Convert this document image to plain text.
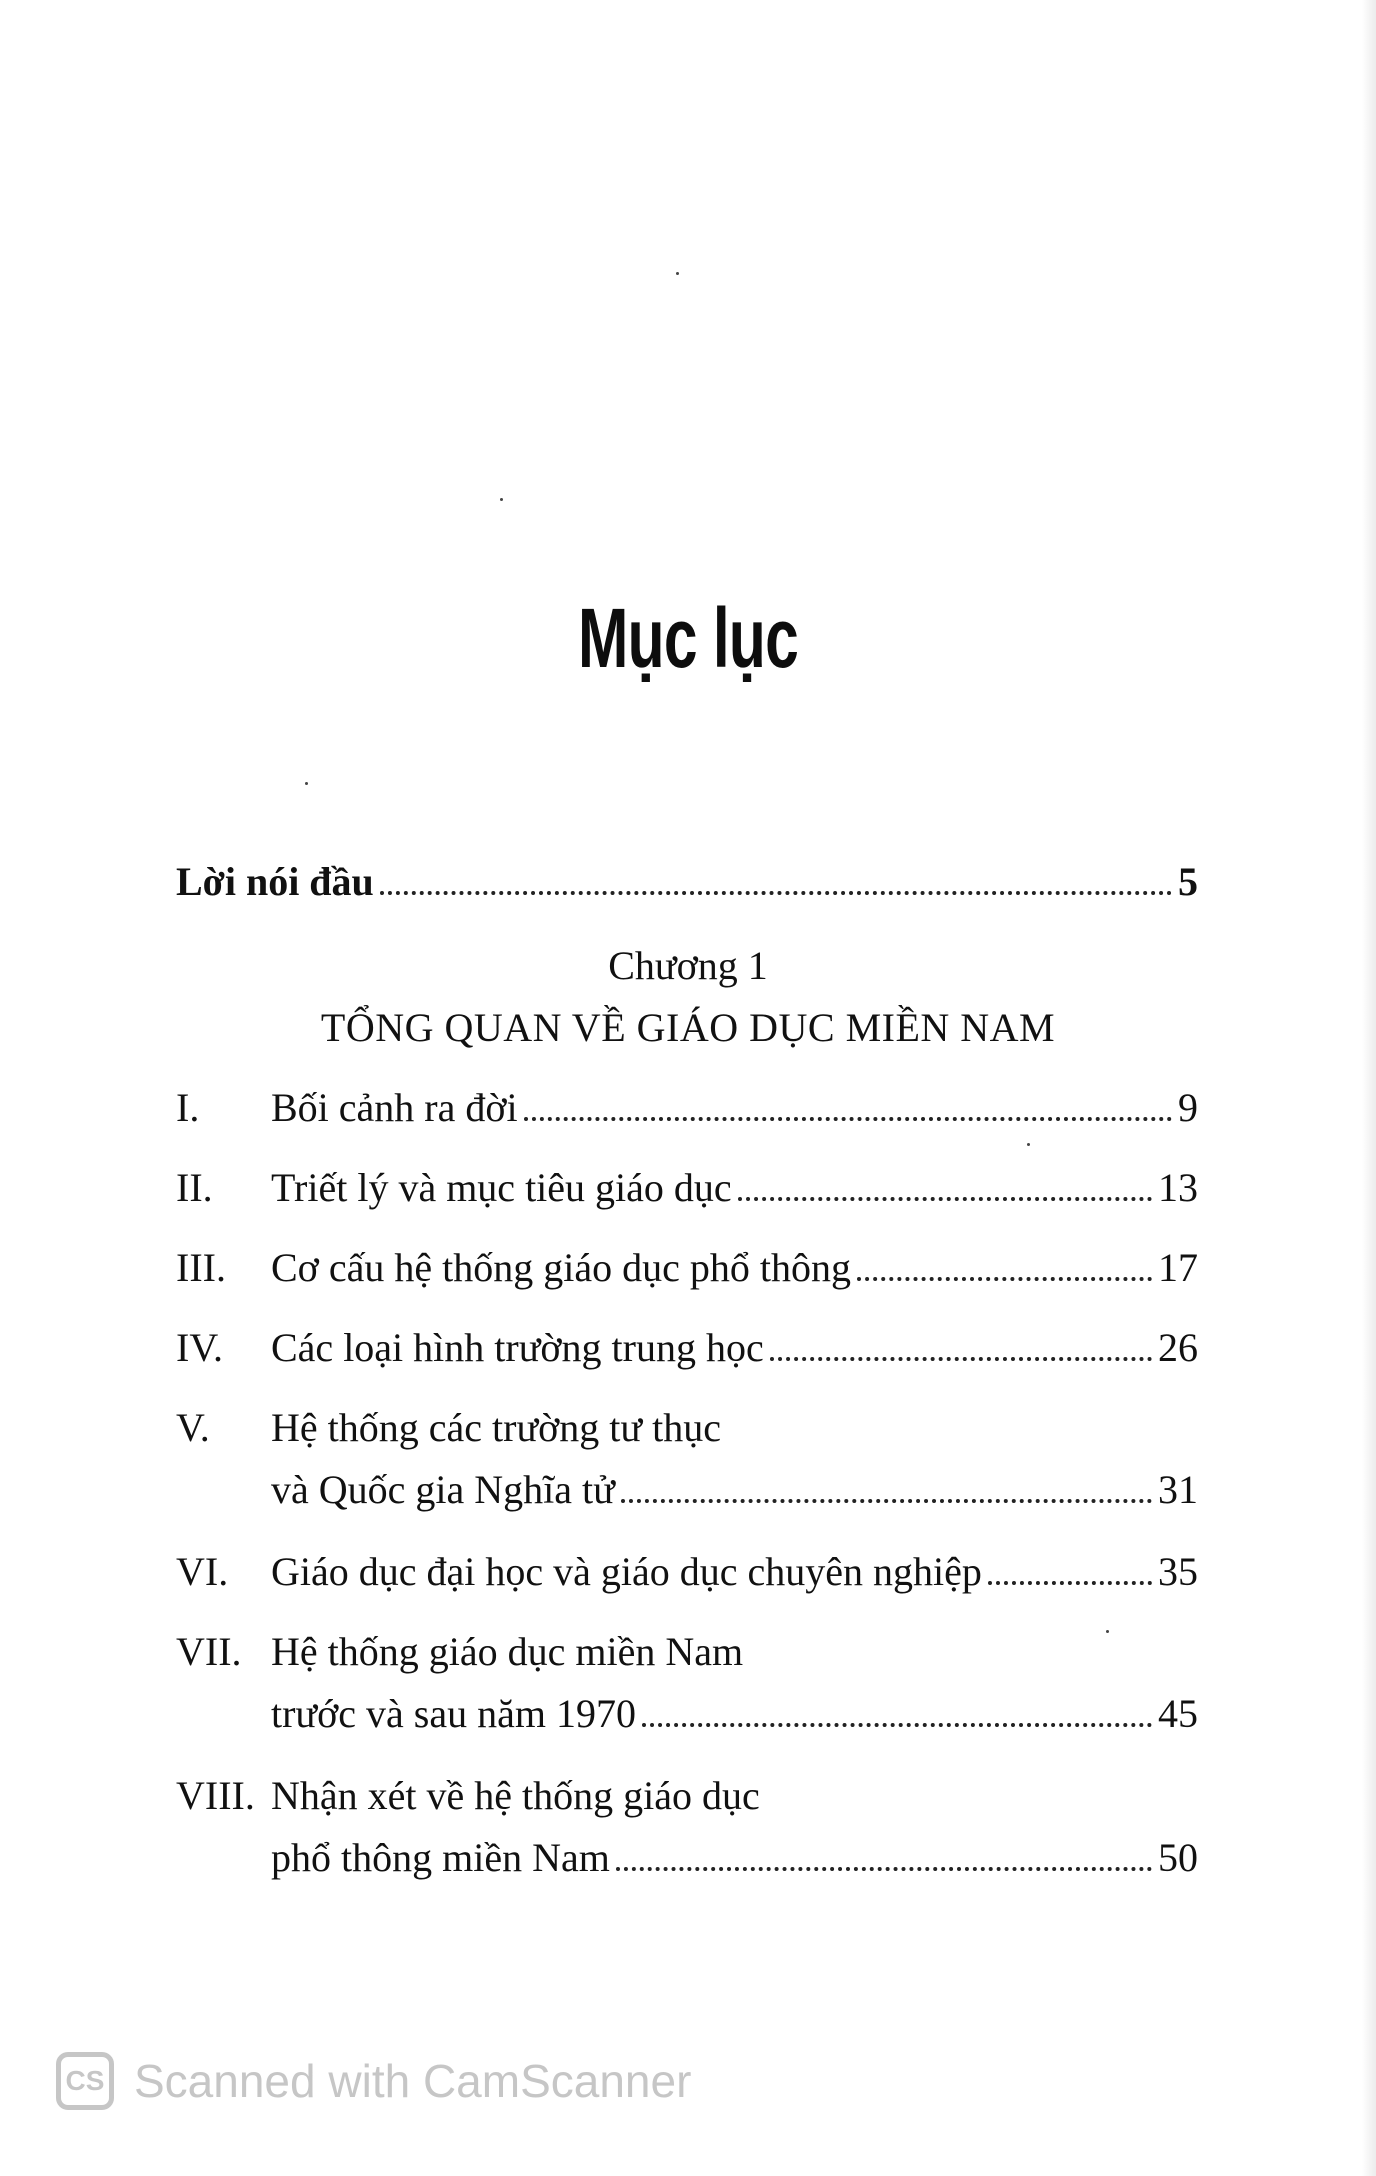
Mục lục
Lời nói đầu	5
Chương 1
TỔNG QUAN VỀ GIÁO DỤC MIỀN NAM
I.	Bối cảnh ra đời	9
II.	Triết lý và mục tiêu giáo dục	13
III.	Cơ cấu hệ thống giáo dục phổ thông	17
IV.	Các loại hình trường trung học	26
V.	Hệ thống các trường tư thục
và Quốc gia Nghĩa tử	31
VI.	Giáo dục đại học và giáo dục chuyên nghiệp	35
VII. Hệ thống giáo dục miền Nam
trước và sau năm 1970	45
VIII. Nhận xét về hệ thống giáo dục
phổ thông miền Nam	50
CS Scanned with CamScanner
